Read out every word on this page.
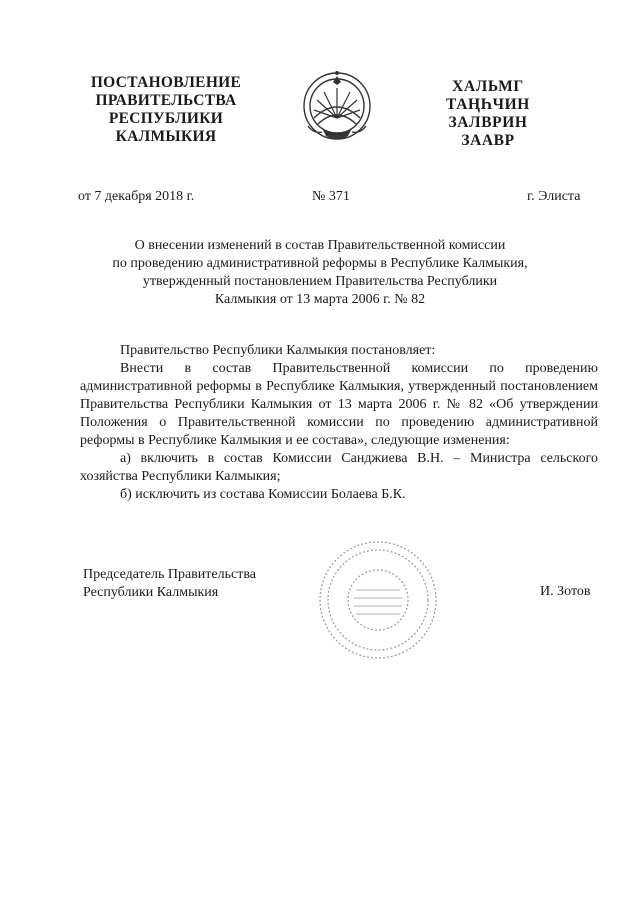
ПОСТАНОВЛЕНИЕ
ПРАВИТЕЛЬСТВА
РЕСПУБЛИКИ
КАЛМЫКИЯ
ХАЛЬМГ
ТАҢҺЧИН
ЗАЛВРИН
ЗААВР
от 7 декабря 2018 г.	№ 371	г. Элиста
О внесении изменений в состав Правительственной комиссии
по проведению административной реформы в Республике Калмыкия,
утвержденный постановлением Правительства Республики
Калмыкия от 13 марта 2006 г. № 82
Правительство Республики Калмыкия постановляет:
Внести в состав Правительственной комиссии по проведению административной реформы в Республике Калмыкия, утвержденный постановлением Правительства Республики Калмыкия от 13 марта 2006 г. № 82 «Об утверждении Положения о Правительственной комиссии по проведению административной реформы в Республике Калмыкия и ее состава», следующие изменения:
а) включить в состав Комиссии Санджиева В.Н. – Министра сельского хозяйства Республики Калмыкия;
б) исключить из состава Комиссии Болаева Б.К.
Председатель Правительства
Республики Калмыкия	И. Зотов
